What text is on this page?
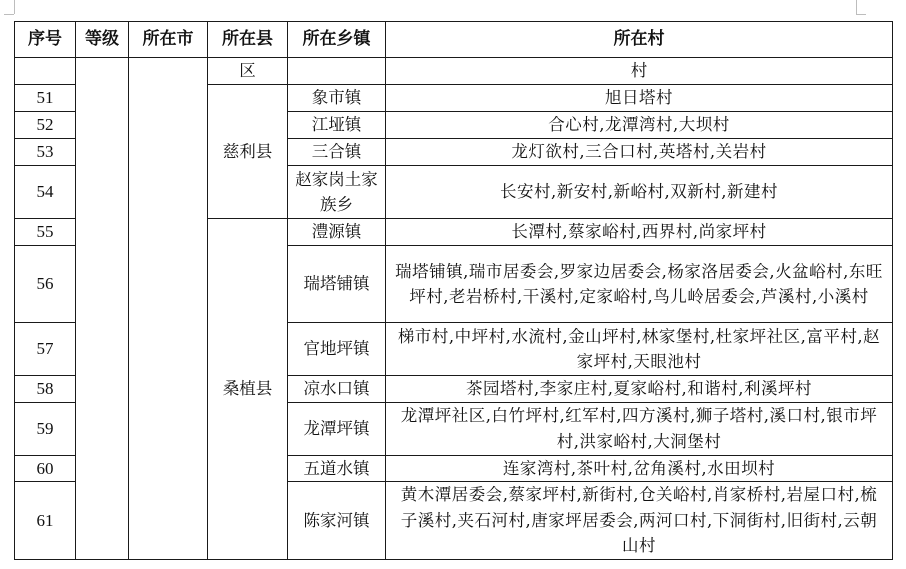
序号	等级	所在市	所在县	所在乡镇	所在村
			区		村
51			慈利县	象市镇	旭日塔村
52				江垭镇	合心村,龙潭湾村,大坝村
53				三合镇	龙灯欲村,三合口村,英塔村,关岩村
54				赵家岗土家族乡	长安村,新安村,新峪村,双新村,新建村
55			桑植县	澧源镇	长潭村,蔡家峪村,西界村,尚家坪村
56				瑞塔铺镇	瑞塔铺镇,瑞市居委会,罗家边居委会,杨家洛居委会,火盆峪村,东旺坪村,老岩桥村,干溪村,定家峪村,鸟儿岭居委会,芦溪村,小溪村
57				官地坪镇	梯市村,中坪村,水流村,金山坪村,林家堡村,杜家坪社区,富平村,赵家坪村,天眼池村
58				凉水口镇	茶园塔村,李家庄村,夏家峪村,和谐村,利溪坪村
59				龙潭坪镇	龙潭坪社区,白竹坪村,红军村,四方溪村,狮子塔村,溪口村,银市坪村,洪家峪村,大洞堡村
60				五道水镇	连家湾村,茶叶村,岔角溪村,水田坝村
61				陈家河镇	黄木潭居委会,蔡家坪村,新街村,仓关峪村,肖家桥村,岩屋口村,梳子溪村,夹石河村,唐家坪居委会,两河口村,下洞街村,旧街村,云朝山村
